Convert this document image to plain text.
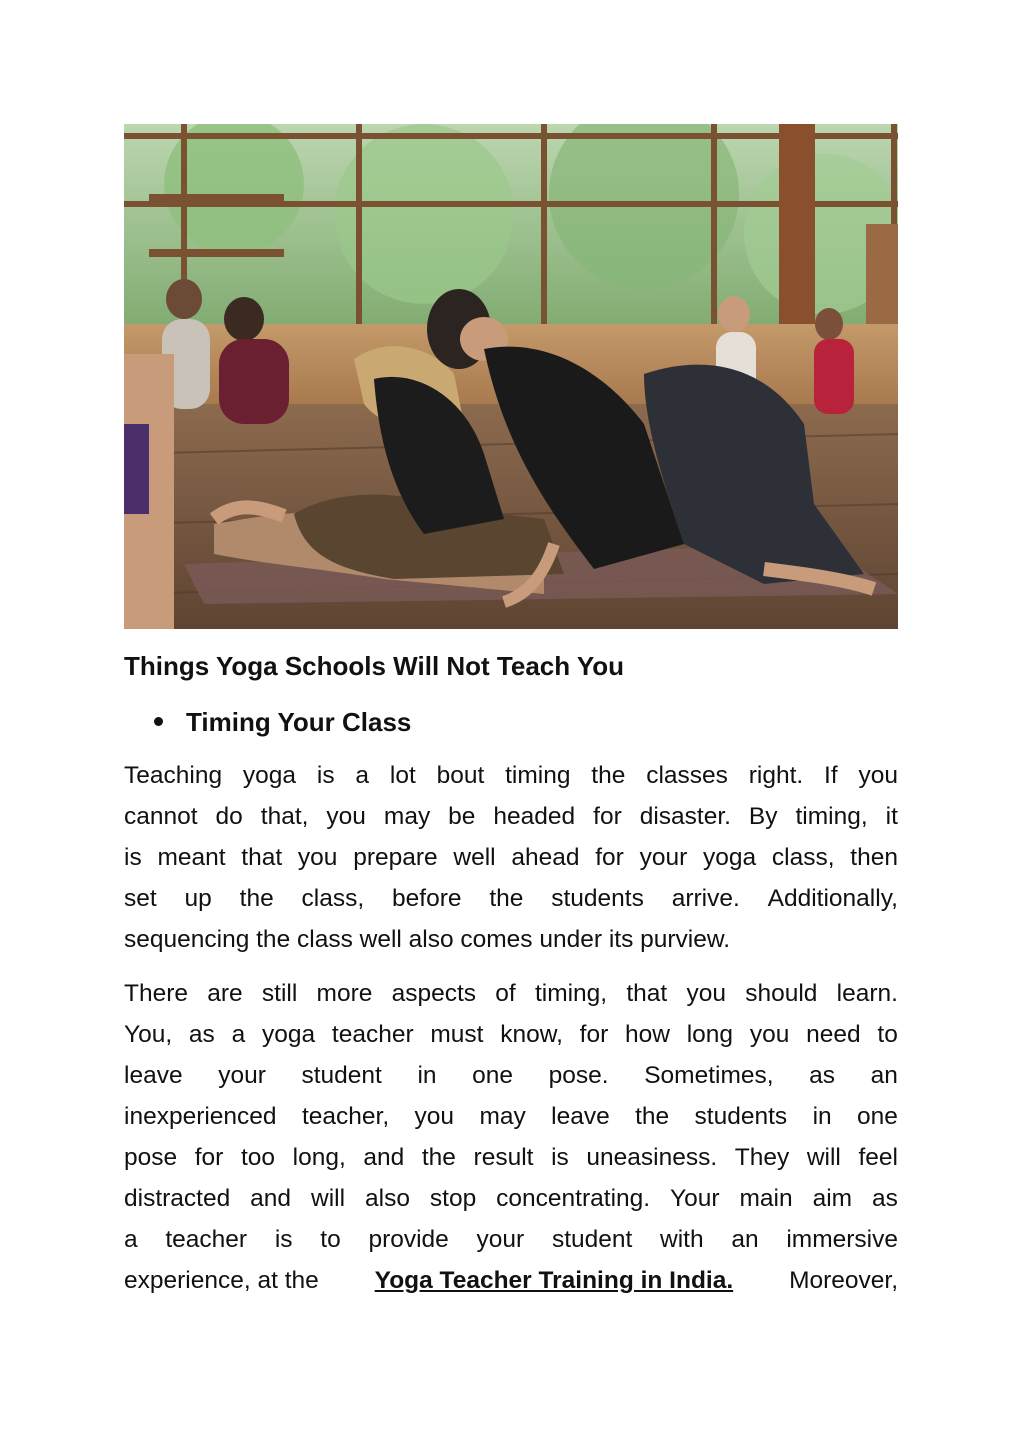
Things Yoga Schools Will Not Teach You
Timing Your Class
Teaching yoga is a lot bout timing the classes right. If you
cannot do that, you may be headed for disaster. By timing, it
is meant that you prepare well ahead for your yoga class, then
set up the class, before the students arrive. Additionally,
sequencing the class well also comes under its purview.
There are still more aspects of timing, that you should learn.
You, as a yoga teacher must know, for how long you need to
leave your student in one pose. Sometimes, as an
inexperienced teacher, you may leave the students in one
pose for too long, and the result is uneasiness. They will feel
distracted and will also stop concentrating. Your main aim as
a teacher is to provide your student with an immersive
experience, at the Yoga Teacher Training in India. Moreover,
